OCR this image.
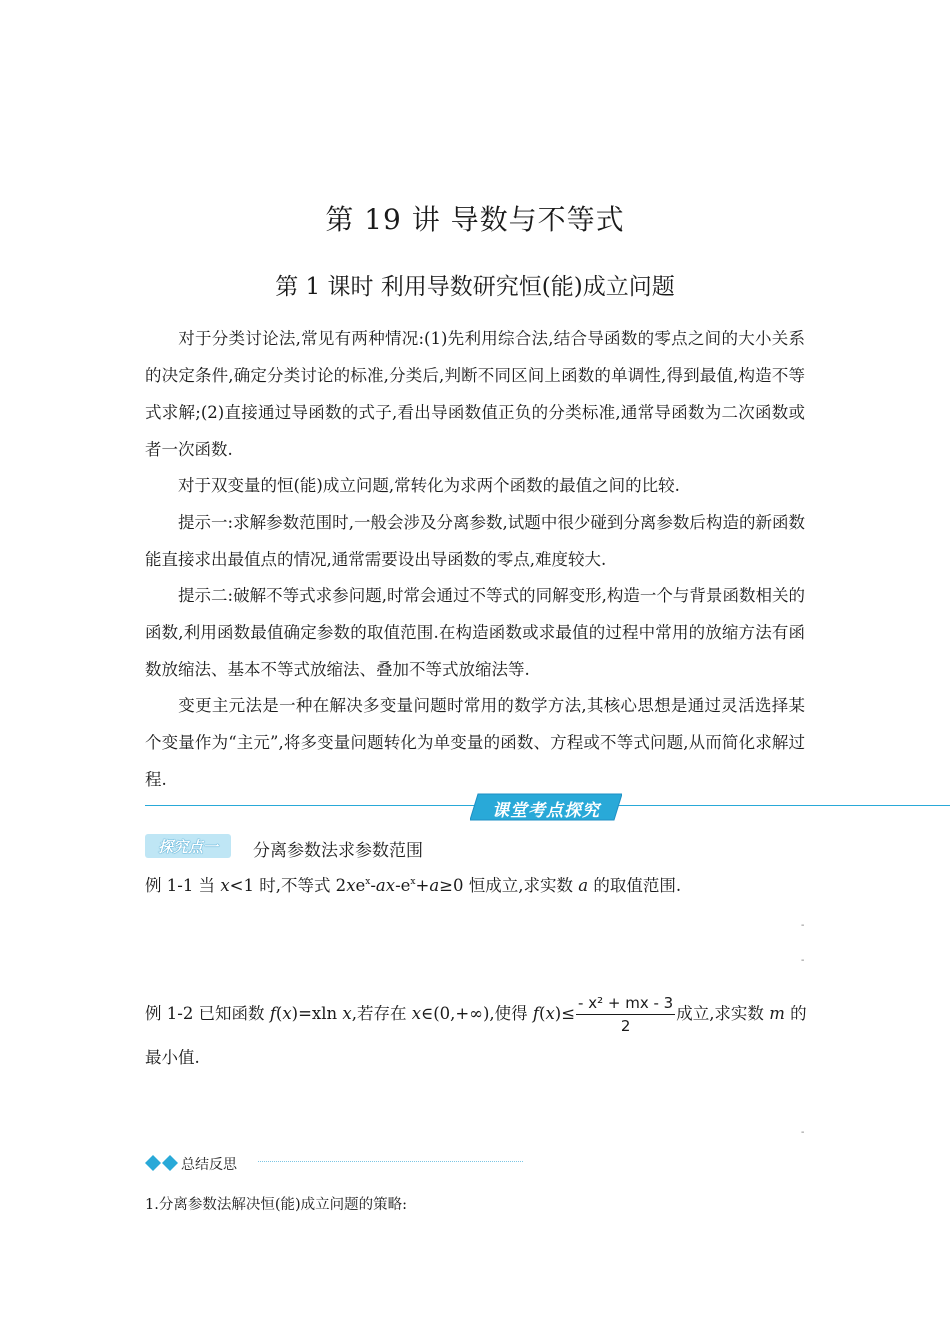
第 19 讲 导数与不等式
第 1 课时 利用导数研究恒(能)成立问题
对于分类讨论法,常见有两种情况:(1)先利用综合法,结合导函数的零点之间的大小关系的决定条件,确定分类讨论的标准,分类后,判断不同区间上函数的单调性,得到最值,构造不等式求解;(2)直接通过导函数的式子,看出导函数值正负的分类标准,通常导函数为二次函数或者一次函数.
对于双变量的恒(能)成立问题,常转化为求两个函数的最值之间的比较.
提示一:求解参数范围时,一般会涉及分离参数,试题中很少碰到分离参数后构造的新函数能直接求出最值点的情况,通常需要设出导函数的零点,难度较大.
提示二:破解不等式求参问题,时常会通过不等式的同解变形,构造一个与背景函数相关的函数,利用函数最值确定参数的取值范围.在构造函数或求最值的过程中常用的放缩方法有函数放缩法、基本不等式放缩法、叠加不等式放缩法等.
变更主元法是一种在解决多变量问题时常用的数学方法,其核心思想是通过灵活选择某个变量作为“主元”,将多变量问题转化为单变量的函数、方程或不等式问题,从而简化求解过程.
课堂考点探究
探究点一	分离参数法求参数范围
例 1-1 当 x<1 时,不等式 $2xe^x-ax-e^x+a\ge 0$ 恒成立,求实数 a 的取值范围.
-
-
例 1-2 已知函数 f(x)=xln x,若存在 x∈(0,+∞),使得 $f(x)\le \frac{\text{- x² + mx - 3}}{2}$ 成立,求实数 m 的
最小值.
-
总结反思
1.分离参数法解决恒(能)成立问题的策略:
